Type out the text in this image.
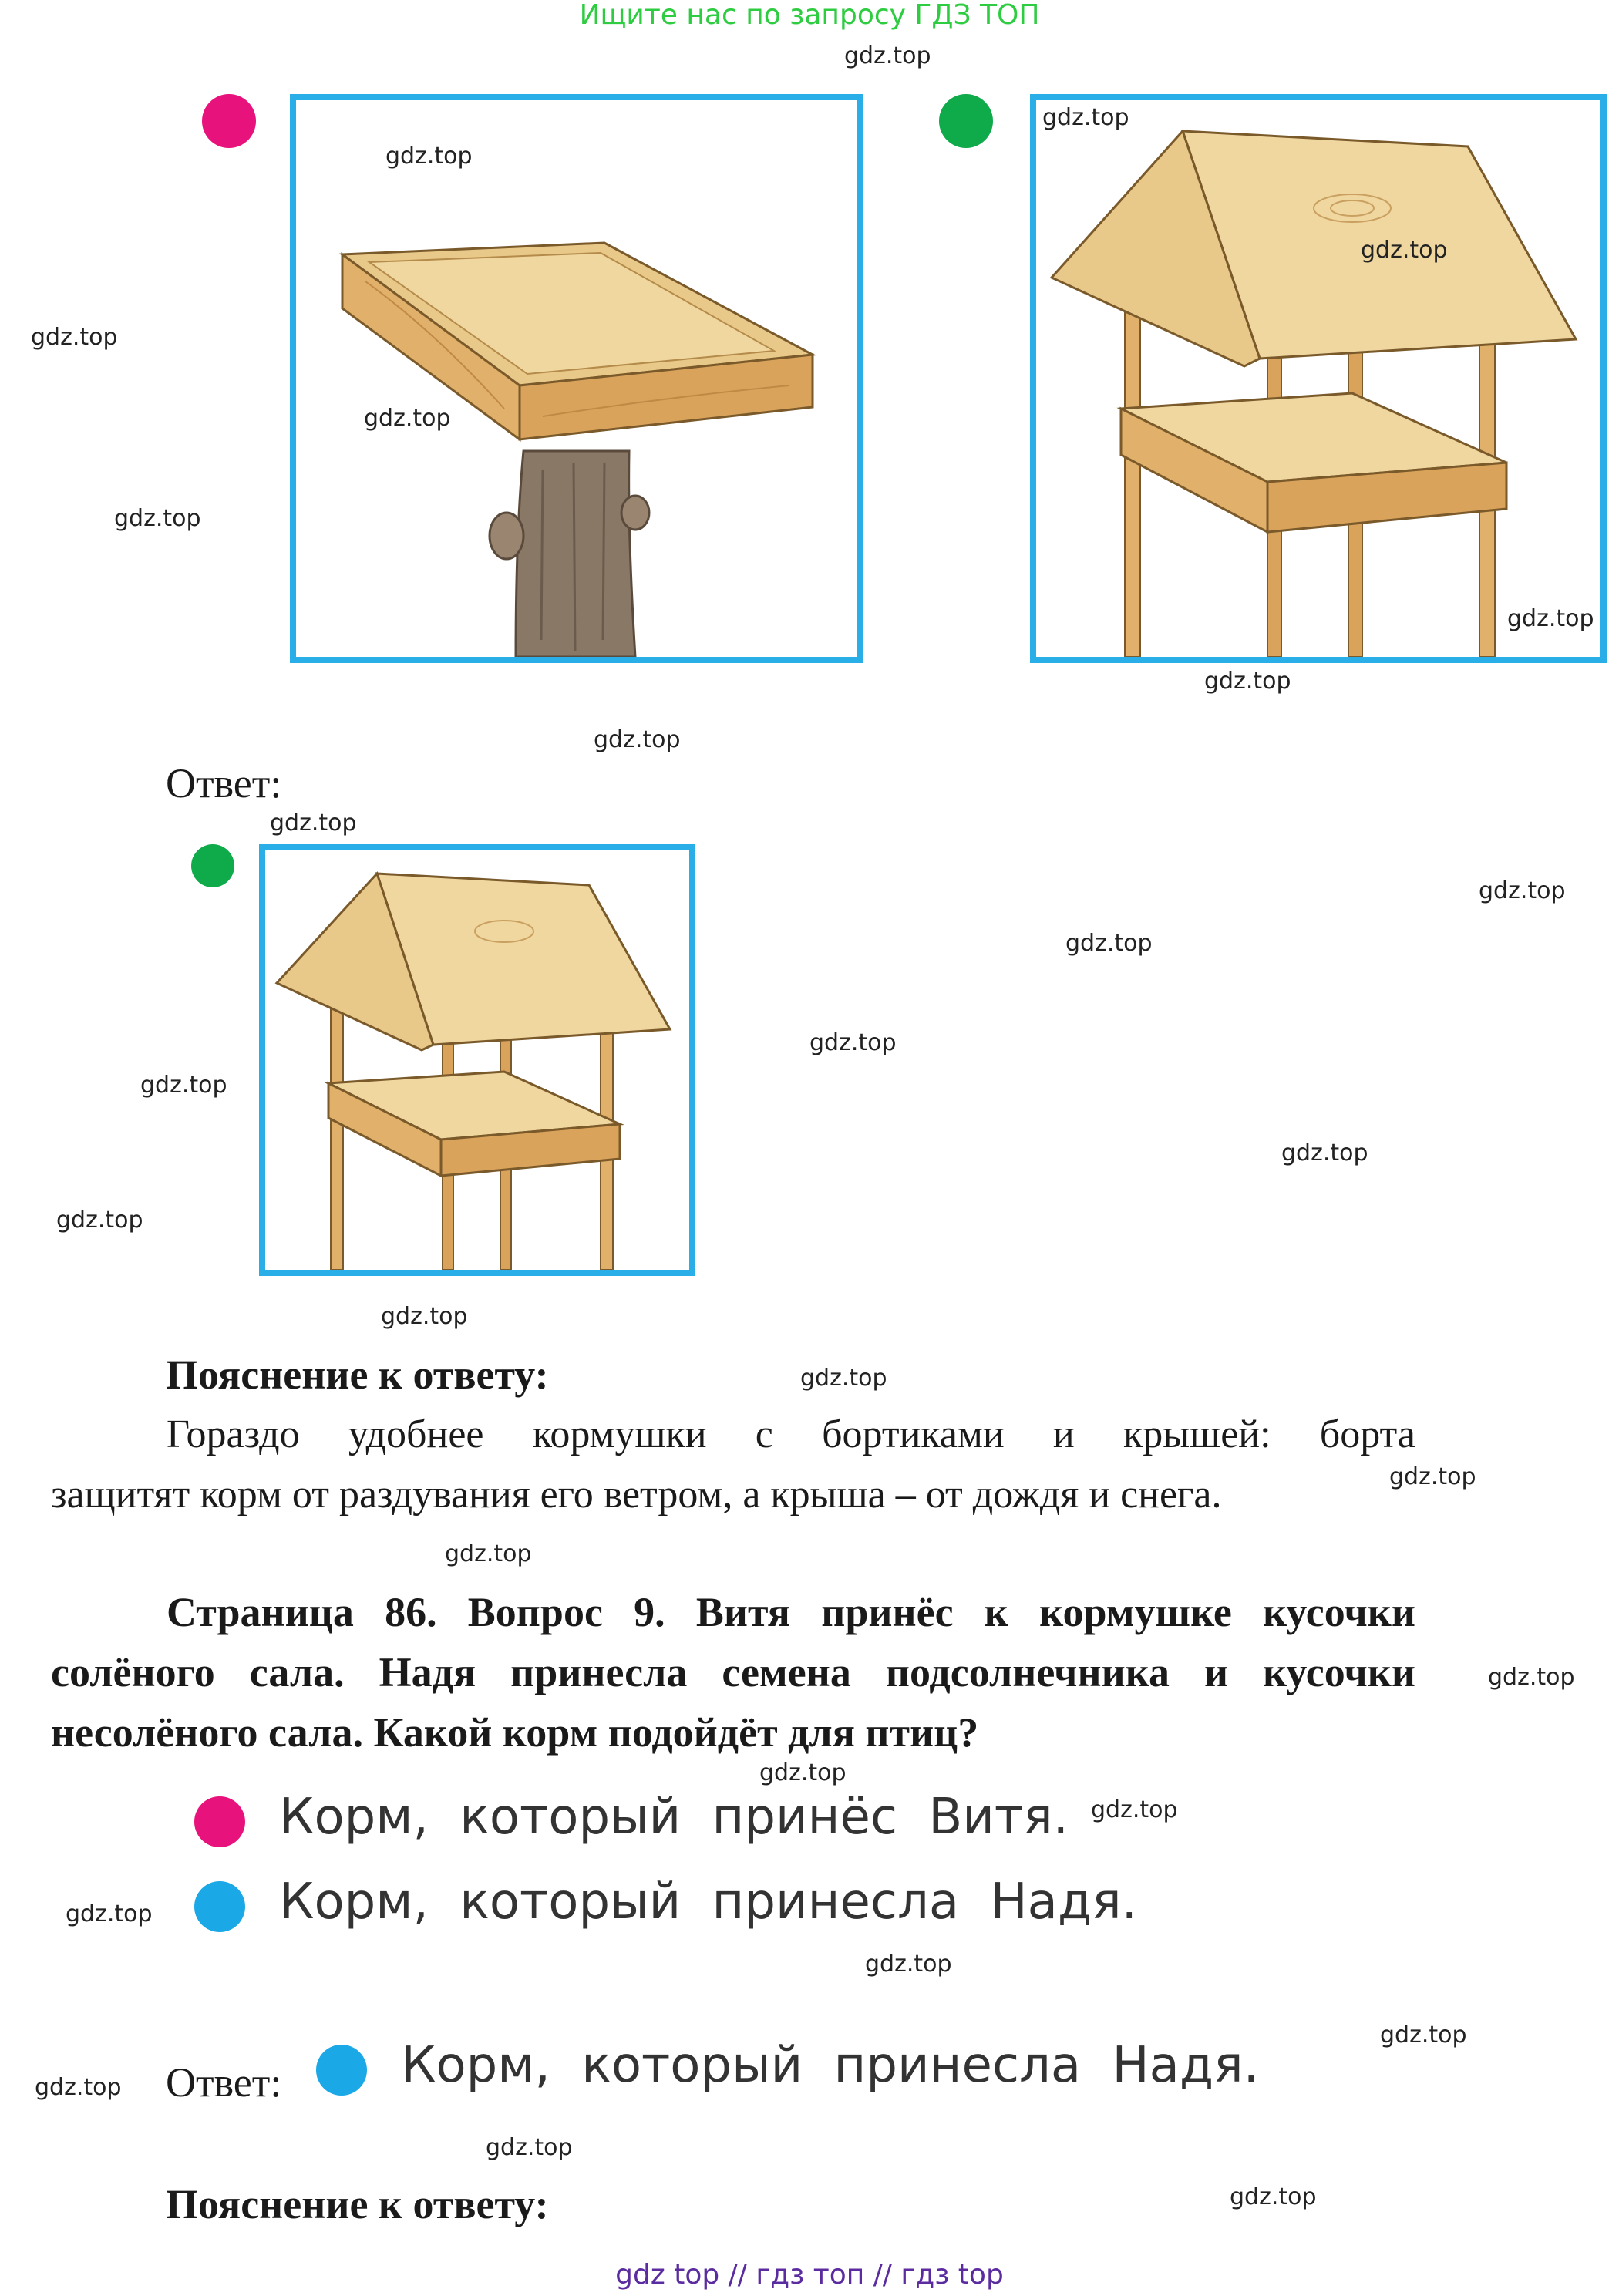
Ищите нас по запросу ГДЗ ТОП
Ответ:
Пояснение к ответу:
Гораздо удобнее кормушки с бортиками и крышей: борта
защитят корм от раздувания его ветром, а крыша – от дождя и снега.
Страница 86. Вопрос 9. Витя принёс к кормушке кусочки
солёного сала. Надя принесла семена подсолнечника и кусочки
несолёного сала. Какой корм подойдёт для птиц?
Корм, который принёс Витя.
Корм, который принесла Надя.
Ответ: Корм, который принесла Надя.
Пояснение к ответу:
gdz top // гдз топ // гдз top
gdz.top
gdz.top
gdz.top
gdz.top
gdz.top
gdz.top
gdz.top
gdz.top
gdz.top
gdz.top
gdz.top
gdz.top
gdz.top
gdz.top
gdz.top
gdz.top
gdz.top
gdz.top
gdz.top
gdz.top
gdz.top
gdz.top
gdz.top
gdz.top
gdz.top
gdz.top
gdz.top
gdz.top
gdz.top
gdz.top
